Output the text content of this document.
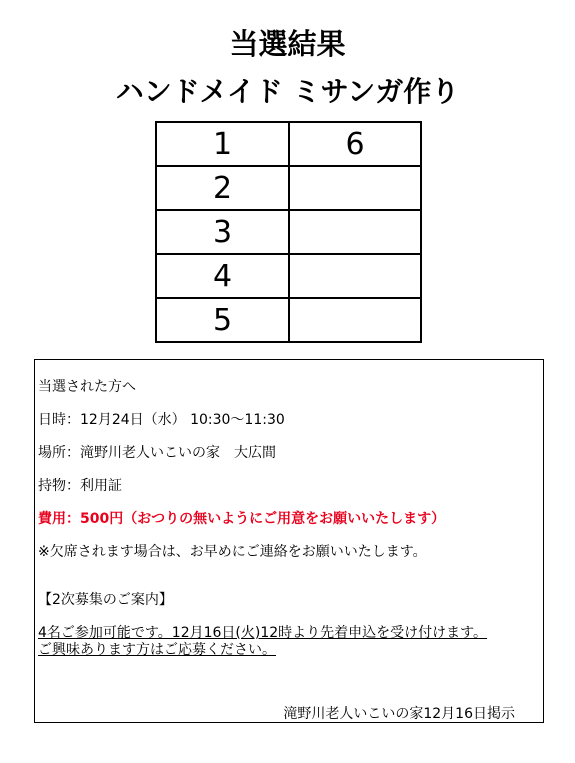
当選結果
ハンドメイド ミサンガ作り
1	6
2	
3	
4	
5	
当選された方へ
日時：12月24日（水） 10:30～11:30
場所：滝野川老人いこいの家　大広間
持物：利用証
費用：500円（おつりの無いようにご用意をお願いいたします）
※欠席されます場合は、お早めにご連絡をお願いいたします。
【2次募集のご案内】
4名ご参加可能です。12月16日(火)12時より先着申込を受け付けます。
ご興味あります方はご応募ください。
滝野川老人いこいの家12月16日掲示
